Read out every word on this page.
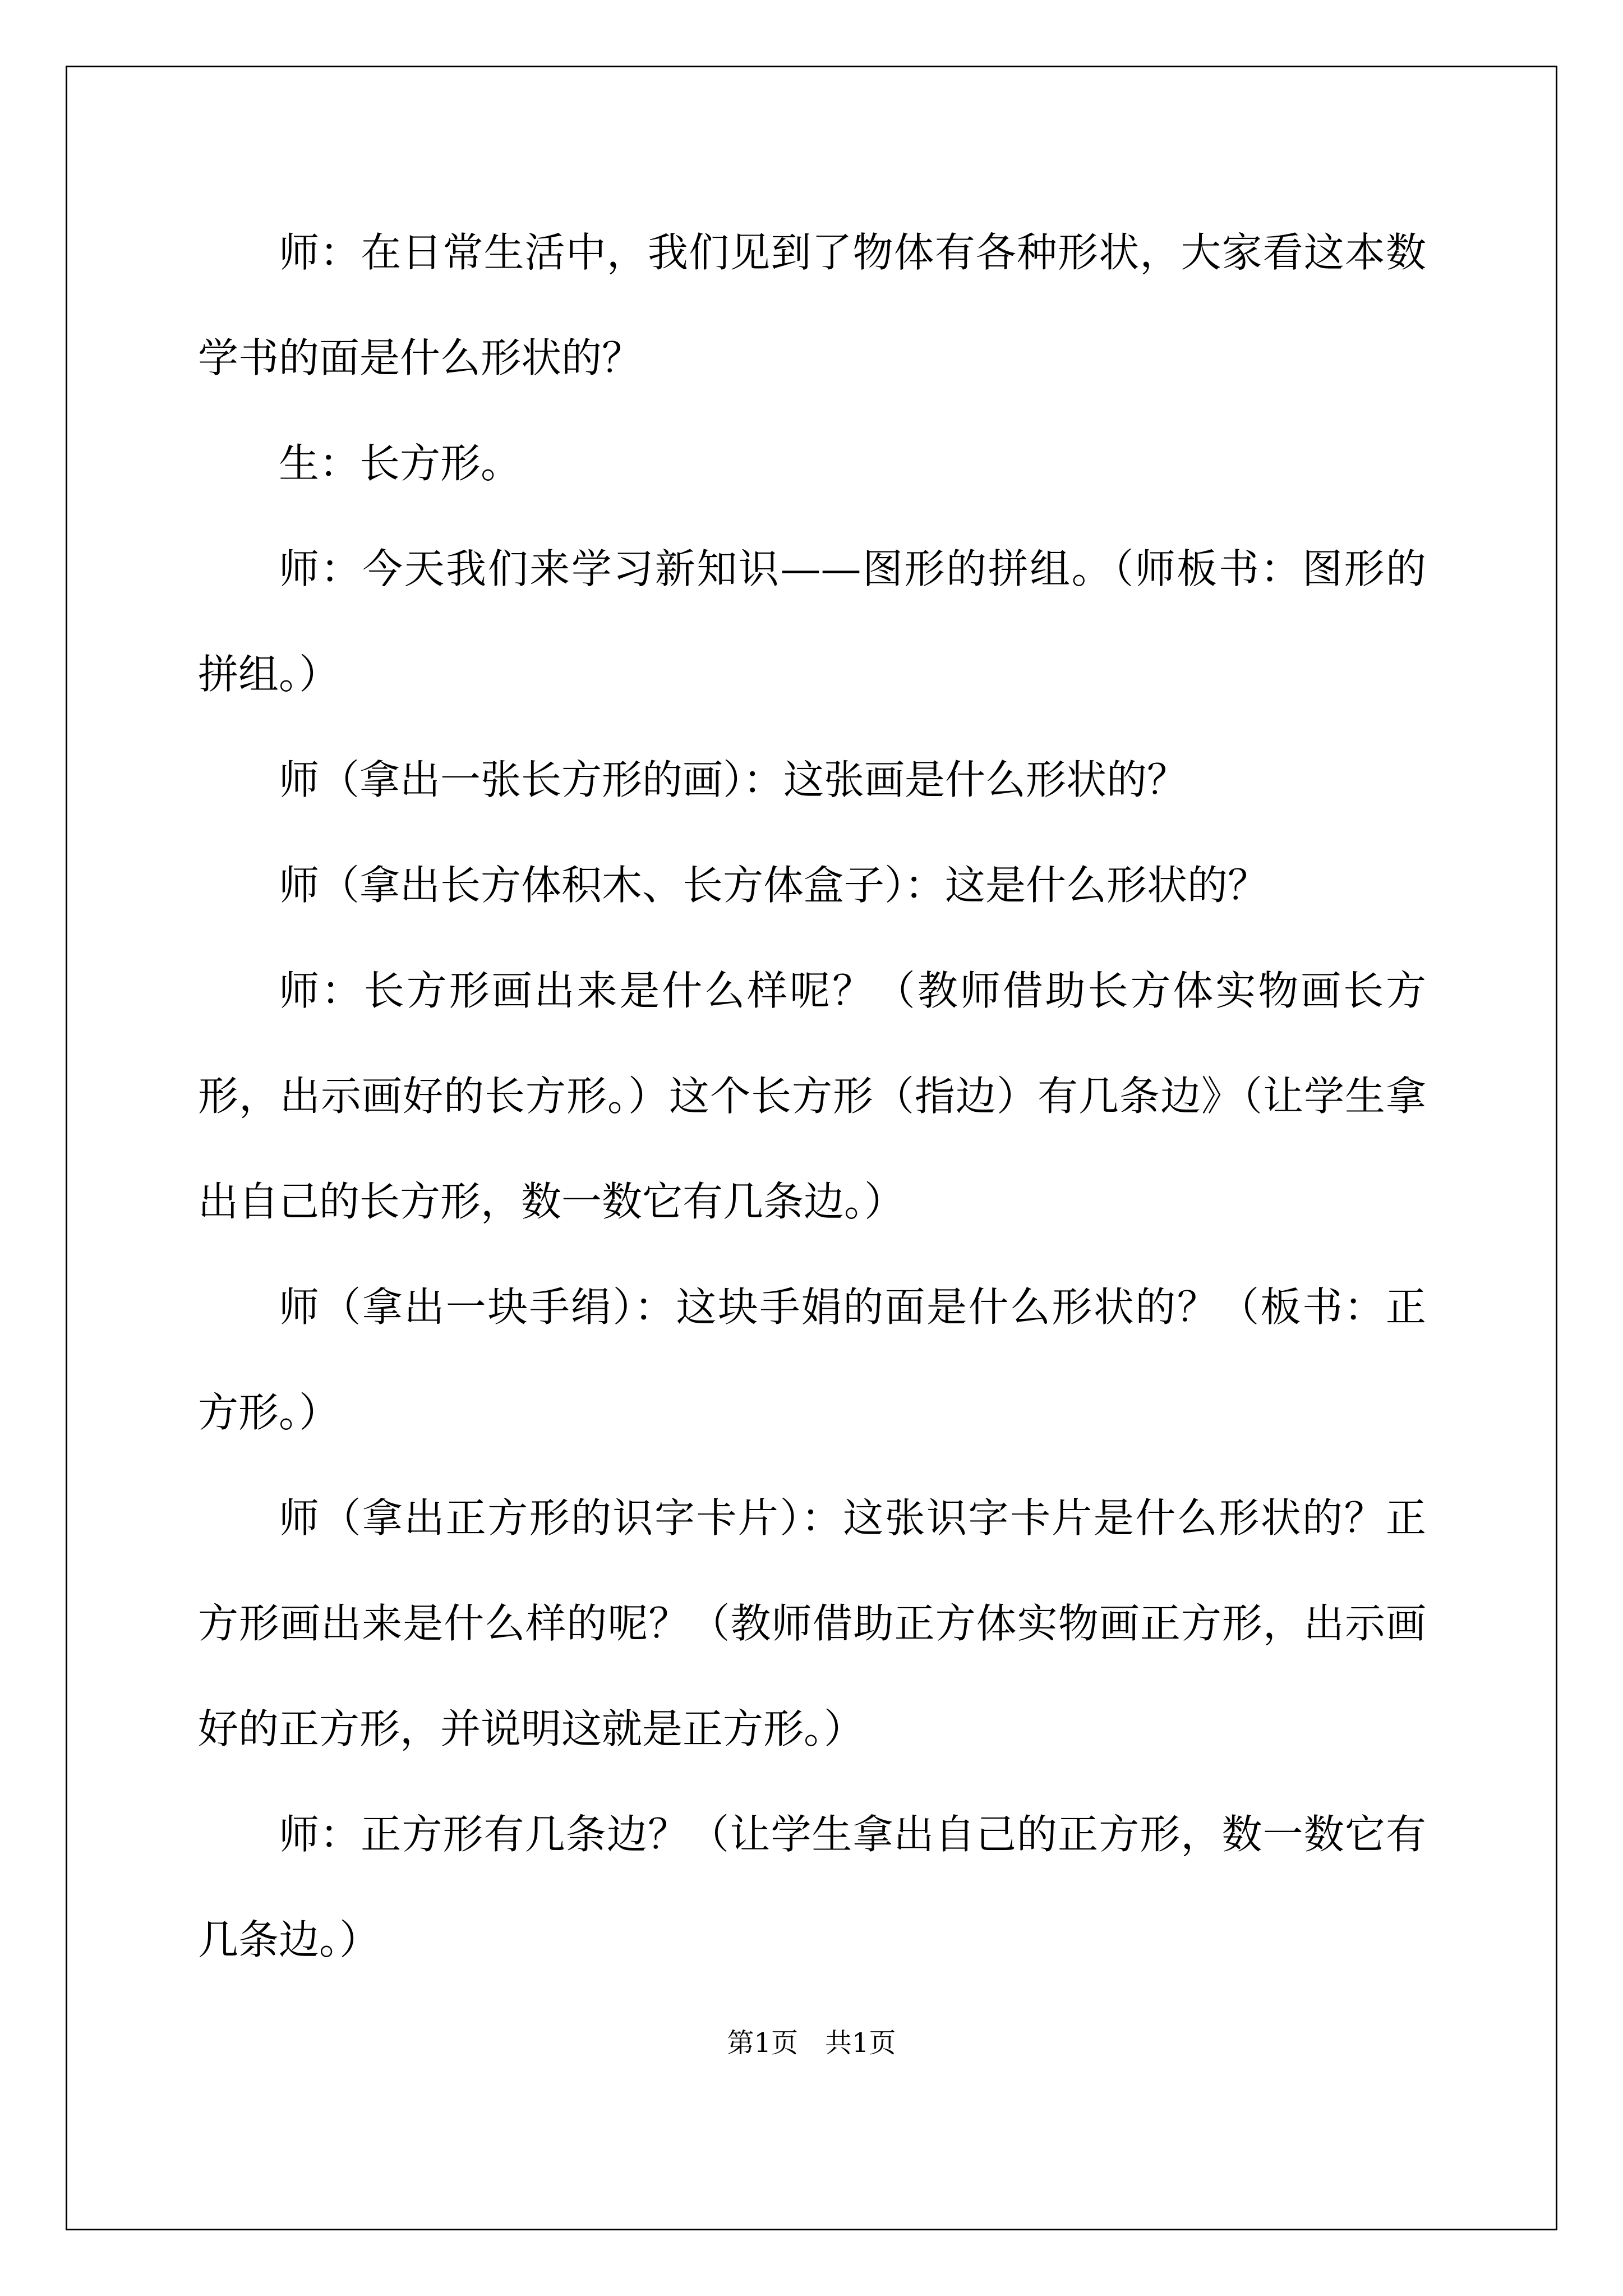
师：在日常生活中，我们见到了物体有各种形状，大家看这本数学书的面是什么形状的？

生：长方形。

师：今天我们来学习新知识——图形的拼组。（师板书：图形的拼组。）

师（拿出一张长方形的画）：这张画是什么形状的？

师（拿出长方体积木、长方体盒子）：这是什么形状的？

师：长方形画出来是什么样呢？（教师借助长方体实物画长方形，出示画好的长方形。）这个长方形（指边）有几条边》（让学生拿出自己的长方形，数一数它有几条边。）

师（拿出一块手绢）：这块手娟的面是什么形状的？（板书：正方形。）

师（拿出正方形的识字卡片）：这张识字卡片是什么形状的？正方形画出来是什么样的呢？（教师借助正方体实物画正方形，出示画好的正方形，并说明这就是正方形。）

师：正方形有几条边？（让学生拿出自己的正方形，数一数它有几条边。）

第1页 共1页
